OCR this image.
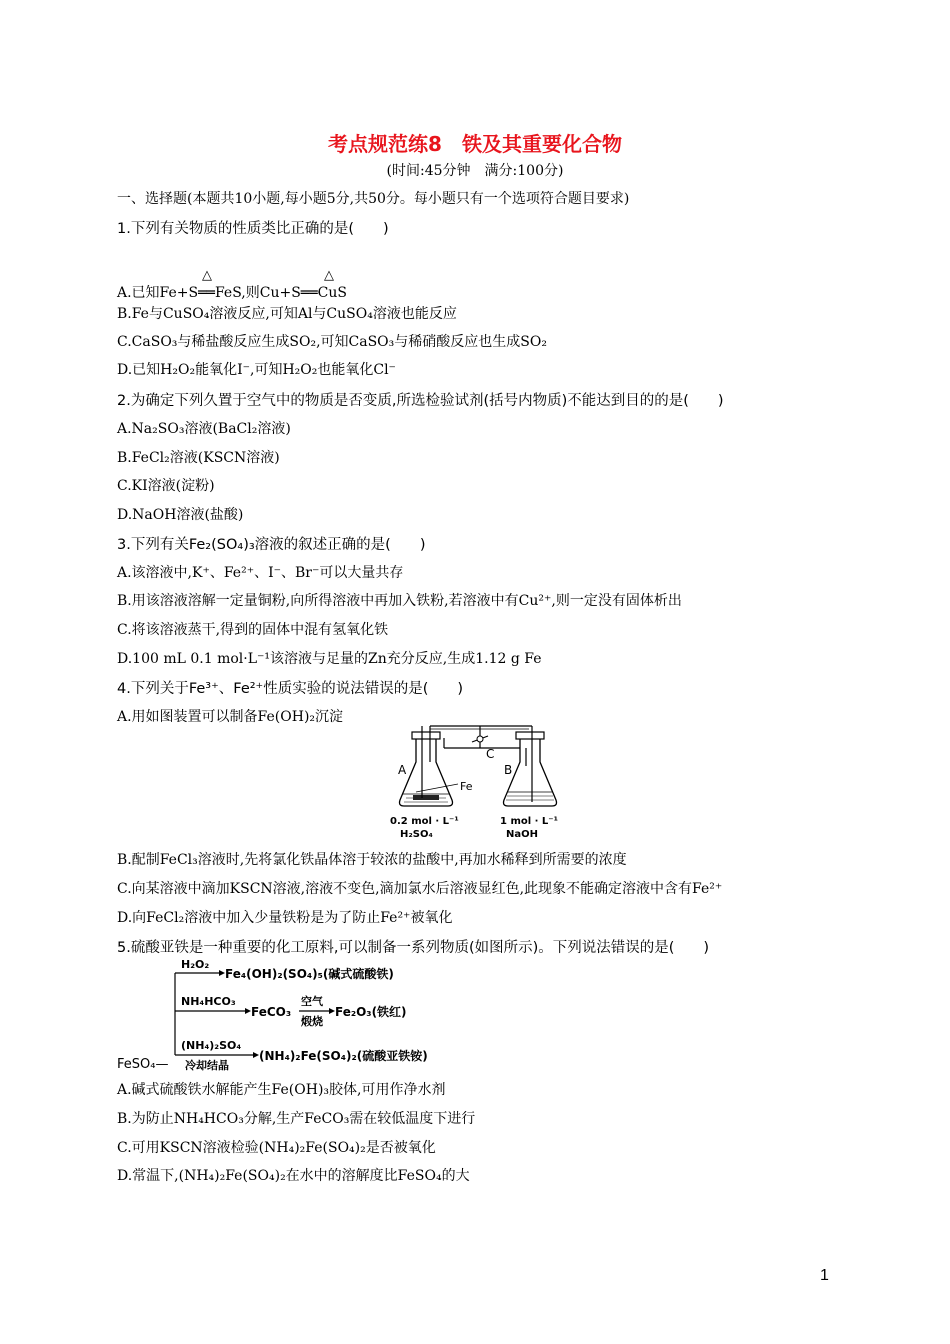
考点规范练8　铁及其重要化合物
(时间:45分钟　满分:100分)
一、选择题(本题共10小题,每小题5分,共50分。每小题只有一个选项符合题目要求)
1.下列有关物质的性质类比正确的是(　　)
△	△
A.已知Fe+S══FeS,则Cu+S══CuS
B.Fe与CuSO₄溶液反应,可知Al与CuSO₄溶液也能反应
C.CaSO₃与稀盐酸反应生成SO₂,可知CaSO₃与稀硝酸反应也生成SO₂
D.已知H₂O₂能氧化I⁻,可知H₂O₂也能氧化Cl⁻
2.为确定下列久置于空气中的物质是否变质,所选检验试剂(括号内物质)不能达到目的的是(　　)
A.Na₂SO₃溶液(BaCl₂溶液)
B.FeCl₂溶液(KSCN溶液)
C.KI溶液(淀粉)
D.NaOH溶液(盐酸)
3.下列有关Fe₂(SO₄)₃溶液的叙述正确的是(　　)
A.该溶液中,K⁺、Fe²⁺、I⁻、Br⁻可以大量共存
B.用该溶液溶解一定量铜粉,向所得溶液中再加入铁粉,若溶液中有Cu²⁺,则一定没有固体析出
C.将该溶液蒸干,得到的固体中混有氢氧化铁
D.100 mL 0.1 mol·L⁻¹该溶液与足量的Zn充分反应,生成1.12 g Fe
4.下列关于Fe³⁺、Fe²⁺性质实验的说法错误的是(　　)
A.用如图装置可以制备Fe(OH)₂沉淀
A	B
C
Fe
0.2 mol · L⁻¹
H₂SO₄
1 mol · L⁻¹
NaOH
B.配制FeCl₃溶液时,先将氯化铁晶体溶于较浓的盐酸中,再加水稀释到所需要的浓度
C.向某溶液中滴加KSCN溶液,溶液不变色,滴加氯水后溶液显红色,此现象不能确定溶液中含有Fe²⁺
D.向FeCl₂溶液中加入少量铁粉是为了防止Fe²⁺被氧化
5.硫酸亚铁是一种重要的化工原料,可以制备一系列物质(如图所示)。下列说法错误的是(　　)
FeSO₄—
H₂O₂
Fe₄(OH)₂(SO₄)₅(碱式硫酸铁)
NH₄HCO₃
FeCO₃
空气
煅烧
Fe₂O₃(铁红)
(NH₄)₂SO₄
冷却结晶
(NH₄)₂Fe(SO₄)₂(硫酸亚铁铵)
A.碱式硫酸铁水解能产生Fe(OH)₃胶体,可用作净水剂
B.为防止NH₄HCO₃分解,生产FeCO₃需在较低温度下进行
C.可用KSCN溶液检验(NH₄)₂Fe(SO₄)₂是否被氧化
D.常温下,(NH₄)₂Fe(SO₄)₂在水中的溶解度比FeSO₄的大
1
